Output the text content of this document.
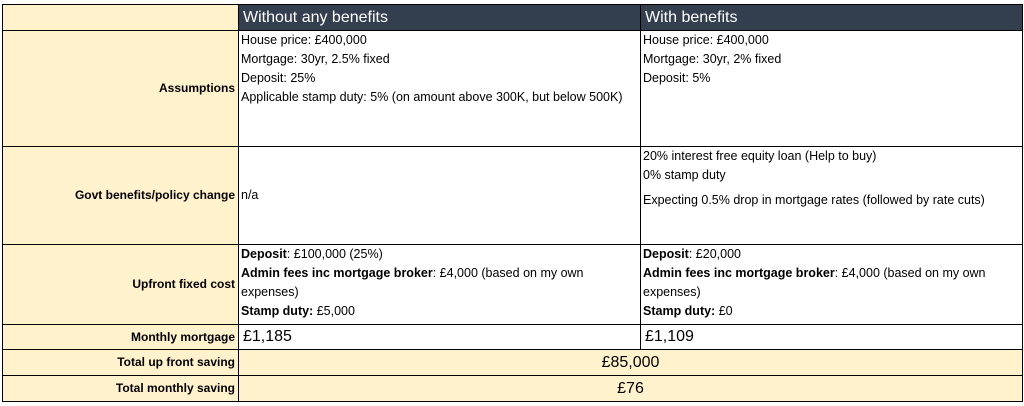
	Without any benefits	With benefits
Assumptions	House price: £400,000
Mortgage: 30yr, 2.5% fixed
Deposit: 25%
Applicable stamp duty: 5% (on amount above 300K, but below 500K)	House price: £400,000
Mortgage: 30yr, 2% fixed
Deposit: 5%

Govt benefits/policy change	n/a	20% interest free equity loan (Help to buy)
0% stamp duty
Expecting 0.5% drop in mortgage rates (followed by rate cuts)

Upfront fixed cost	Deposit: £100,000 (25%)
Admin fees inc mortgage broker: £4,000 (based on my own expenses)
Stamp duty: £5,000	Deposit: £20,000
Admin fees inc mortgage broker: £4,000 (based on my own expenses)
Stamp duty: £0

Monthly mortgage	£1,185	£1,109
Total up front saving	£85,000	
Total monthly saving	£76	
